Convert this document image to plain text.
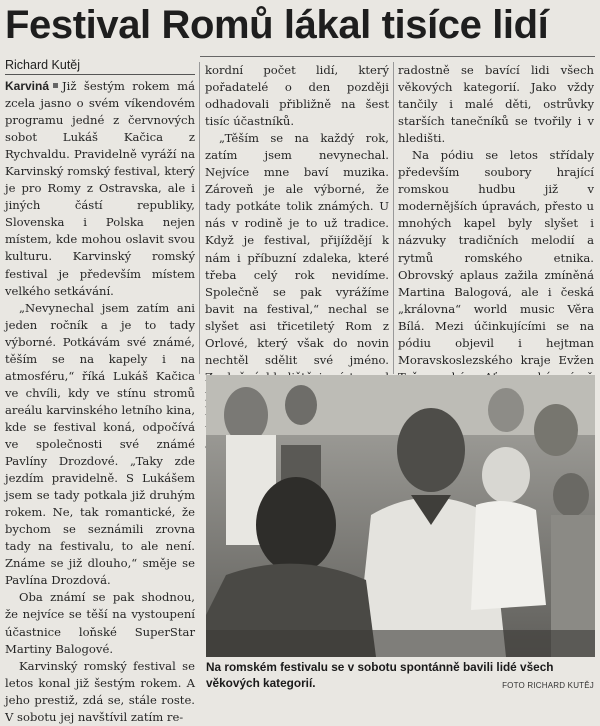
Festival Romů lákal tisíce lidí
Richard Kutěj

Karviná Již šestým rokem má zcela jasno o svém víkendovém programu jedné z červnových sobot Lukáš Kačica z Rychvaldu. Pravidelně vyráží na Karvinský romský festival, který je pro Romy z Ostravska, ale i jiných částí republiky, Slovenska i Polska nejen místem, kde mohou oslavit svou kulturu. Karvinský romský festival je především místem velkého setkávání.

„Nevynechal jsem zatím ani jeden ročník a je to tady výborné. Potkávám své známé, těším se na kapely i na atmosféru,“ říká Lukáš Kačica ve chvíli, kdy ve stínu stromů areálu karvinského letního kina, kde se festival koná, odpočívá ve společnosti své známé Pavlíny Drozdové. „Taky zde jezdím pravidelně. S Lukášem jsem se tady potkala již druhým rokem. Ne, tak romantické, že bychom se seznámili zrovna tady na festivalu, to ale není. Známe se již dlouho,“ směje se Pavlína Drozdová.

Oba známí se pak shodnou, že nejvíce se těší na vystoupení účastnice loňské SuperStar Martiny Balogové.

Karvinský romský festival se letos konal již šestým rokem. A jeho prestiž, zdá se, stále roste. V sobotu jej navštívil zatím re-

kordní počet lidí, který pořadatelé o den později odhadovali přibližně na šest tisíc účastníků.

„Těším se na každý rok, zatím jsem nevynechal. Nejvíce mne baví muzika. Zároveň je ale výborné, že tady potkáte tolik známých. U nás v rodině je to už tradice. Když je festival, přijíždějí k nám i příbuzní zdaleka, které třeba celý rok nevidíme. Společně se pak vyrážíme bavit na festival,“ nechal se slyšet asi třicetiletý Rom z Orlové, který však do novin nechtěl sdělit své jméno.

radostně se bavící lidi všech věkových kategorií. Jako vždy tančily i malé děti, ostrůvky starších tanečníků se tvořily i v hledišti.

Na pódiu se letos střídaly především soubory hrající romskou hudbu již v modernějších úpravách, přesto u mnohých kapel byly slyšet i názvuky tradičních melodií a rytmů romského etnika. Obrovský aplaus zažila zmíněná Martina Balogová, ale i česká „královna“ world music Věra Bílá. Mezi účinkujícími se na pódiu objevil i hejtman Moravskoslezského kraje Evžen

Na romském festivalu se v sobotu spontánně bavili lidé všech věkových kategorií.	FOTO RICHARD KUTĚJ
